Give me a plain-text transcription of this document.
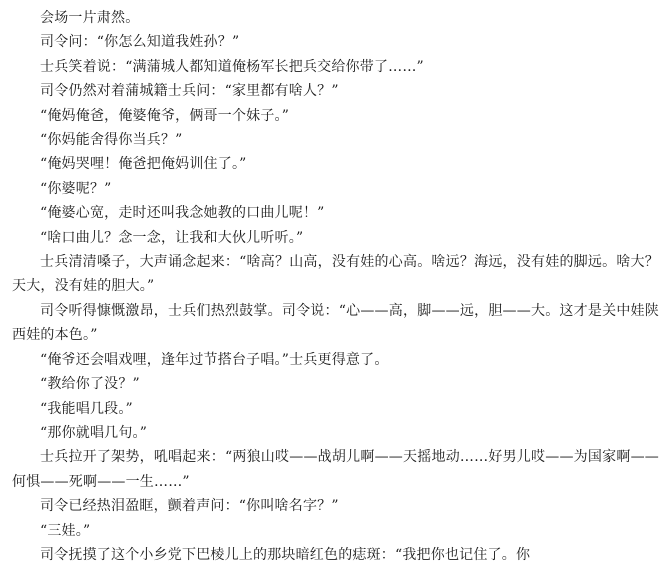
会场一片肃然。

司令问：“你怎么知道我姓孙？”

士兵笑着说：“满蒲城人都知道俺杨军长把兵交给你带了……”

司令仍然对着蒲城籍士兵问：“家里都有啥人？”

“俺妈俺爸，俺婆俺爷，俩哥一个妹子。”

“你妈能舍得你当兵？”

“俺妈哭哩！俺爸把俺妈训住了。”

“你婆呢？”

“俺婆心宽，走时还叫我念她教的口曲儿呢！”

“啥口曲儿？念一念，让我和大伙儿听听。”

士兵清清嗓子，大声诵念起来：“啥高？山高，没有娃的心高。啥远？海远，没有娃的脚远。啥大？天大，没有娃的胆大。”

司令听得慷慨激昂，士兵们热烈鼓掌。司令说：“心——高，脚——远，胆——大。这才是关中娃陕西娃的本色。”

“俺爷还会唱戏哩，逢年过节搭台子唱。”士兵更得意了。

“教给你了没？”

“我能唱几段。”

“那你就唱几句。”

士兵拉开了架势，吼唱起来：“两狼山哎——战胡儿啊——天摇地动……好男儿哎——为国家啊——何惧——死啊——一生……”

司令已经热泪盈眶，颤着声问：“你叫啥名字？”

“三娃。”

司令抚摸了这个小乡党下巴棱儿上的那块暗红色的痣斑：“我把你也记住了。你
